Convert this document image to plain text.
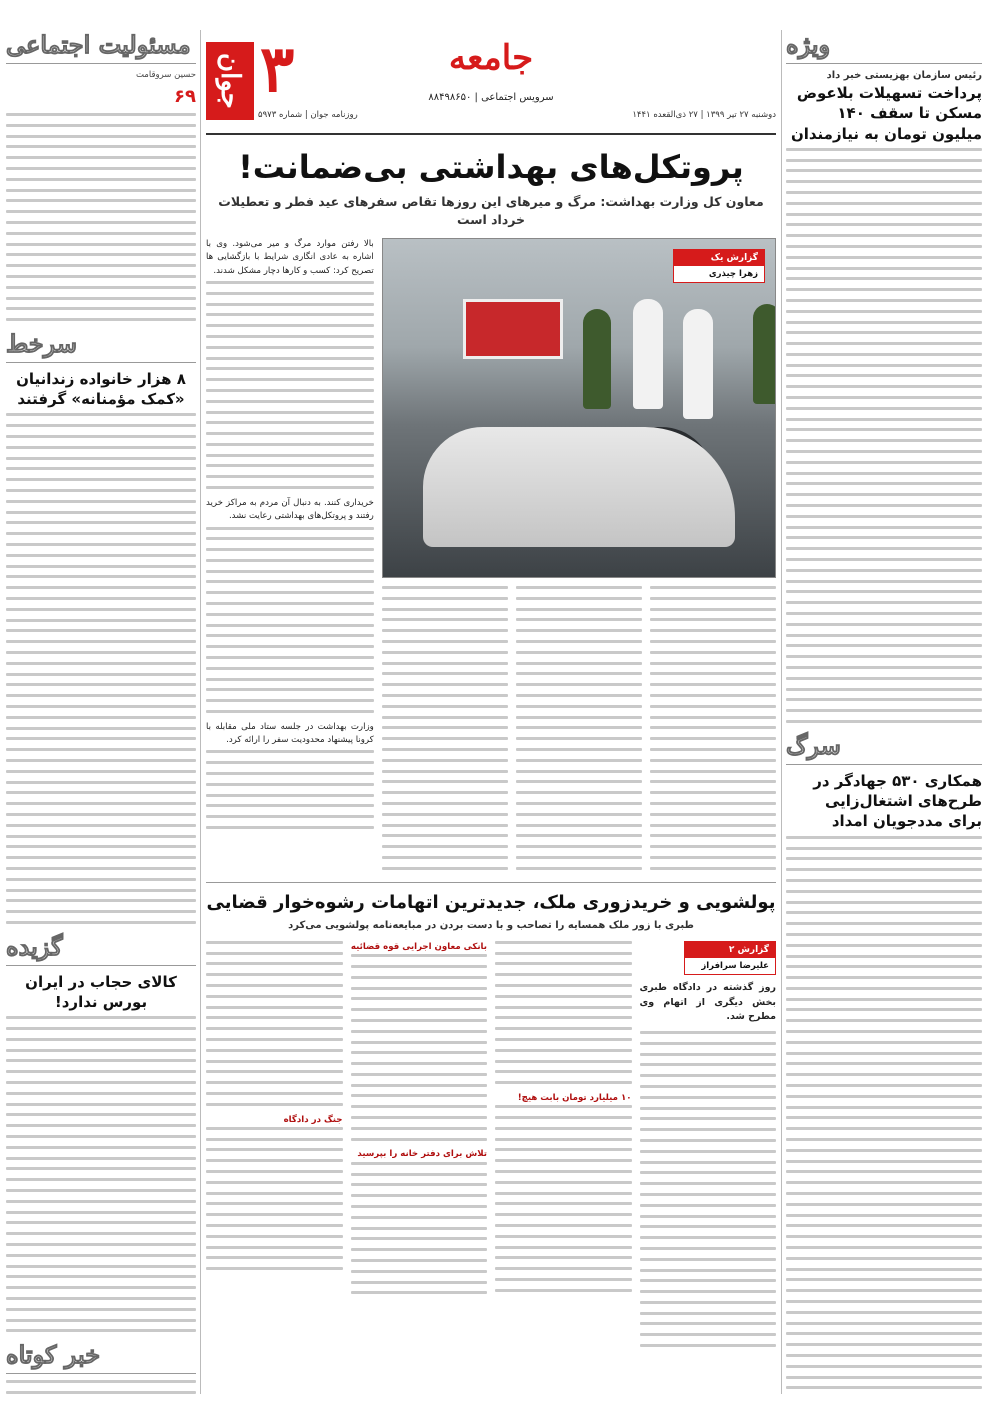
ویژه
رئیس سازمان بهزیستی خبر داد
پرداخت تسهیلات بلاعوض مسکن تا سقف ۱۴۰ میلیون تومان به نیازمندان
سرگ
همکاری ۵۳۰ جهادگر در طرح‌های اشتغال‌زایی برای مددجویان امداد
مسئولیت اجتماعی
حسین سروقامت
۶۹
سرخط
۸ هزار خانواده زندانیان «کمک مؤمنانه» گرفتند
گزیده
کالای حجاب در ایران بورس ندارد!
خبر کوتاه
جوان ۳
روزنامه جوان | شماره ۵۹۷۳
جامعه
سرویس اجتماعی | ۸۸۴۹۸۶۵۰
دوشنبه ۲۷ تیر ۱۳۹۹ | ۲۷ ذی‌القعده ۱۴۴۱
پروتکل‌های بهداشتی بی‌ضمانت!
معاون کل وزارت بهداشت: مرگ و میرهای این روزها تقاص سفرهای عید فطر و تعطیلات خرداد است
گزارش یک
زهرا چیذری

بالا رفتن موارد مرگ و میر می‌شود. وی با اشاره به عادی انگاری شرایط با بازگشایی ها تصریح کرد: کسب و کارها دچار مشکل شدند.

خریداری کنند. به دنبال آن مردم به مراکز خرید رفتند و پروتکل‌های بهداشتی رعایت نشد.

وزارت بهداشت در جلسه ستاد ملی مقابله با کرونا پیشنهاد محدودیت سفر را ارائه کرد.

پولشویی و خریدزوری ملک، جدیدترین اتهامات رشوه‌خوار قضایی
طبری با زور ملک همسایه را تصاحب و با دست بردن در مبایعه‌نامه پولشویی می‌کرد
گزارش ۲
علیرضا سرافراز
روز گذشته در دادگاه طبری بخش دیگری از اتهام وی مطرح شد.
۱۰ میلیارد تومان بابت هیچ!
بانکی معاون اجرایی قوه قضائیه
تلاش برای دفتر خانه را بپرسید
جنگ در دادگاه
